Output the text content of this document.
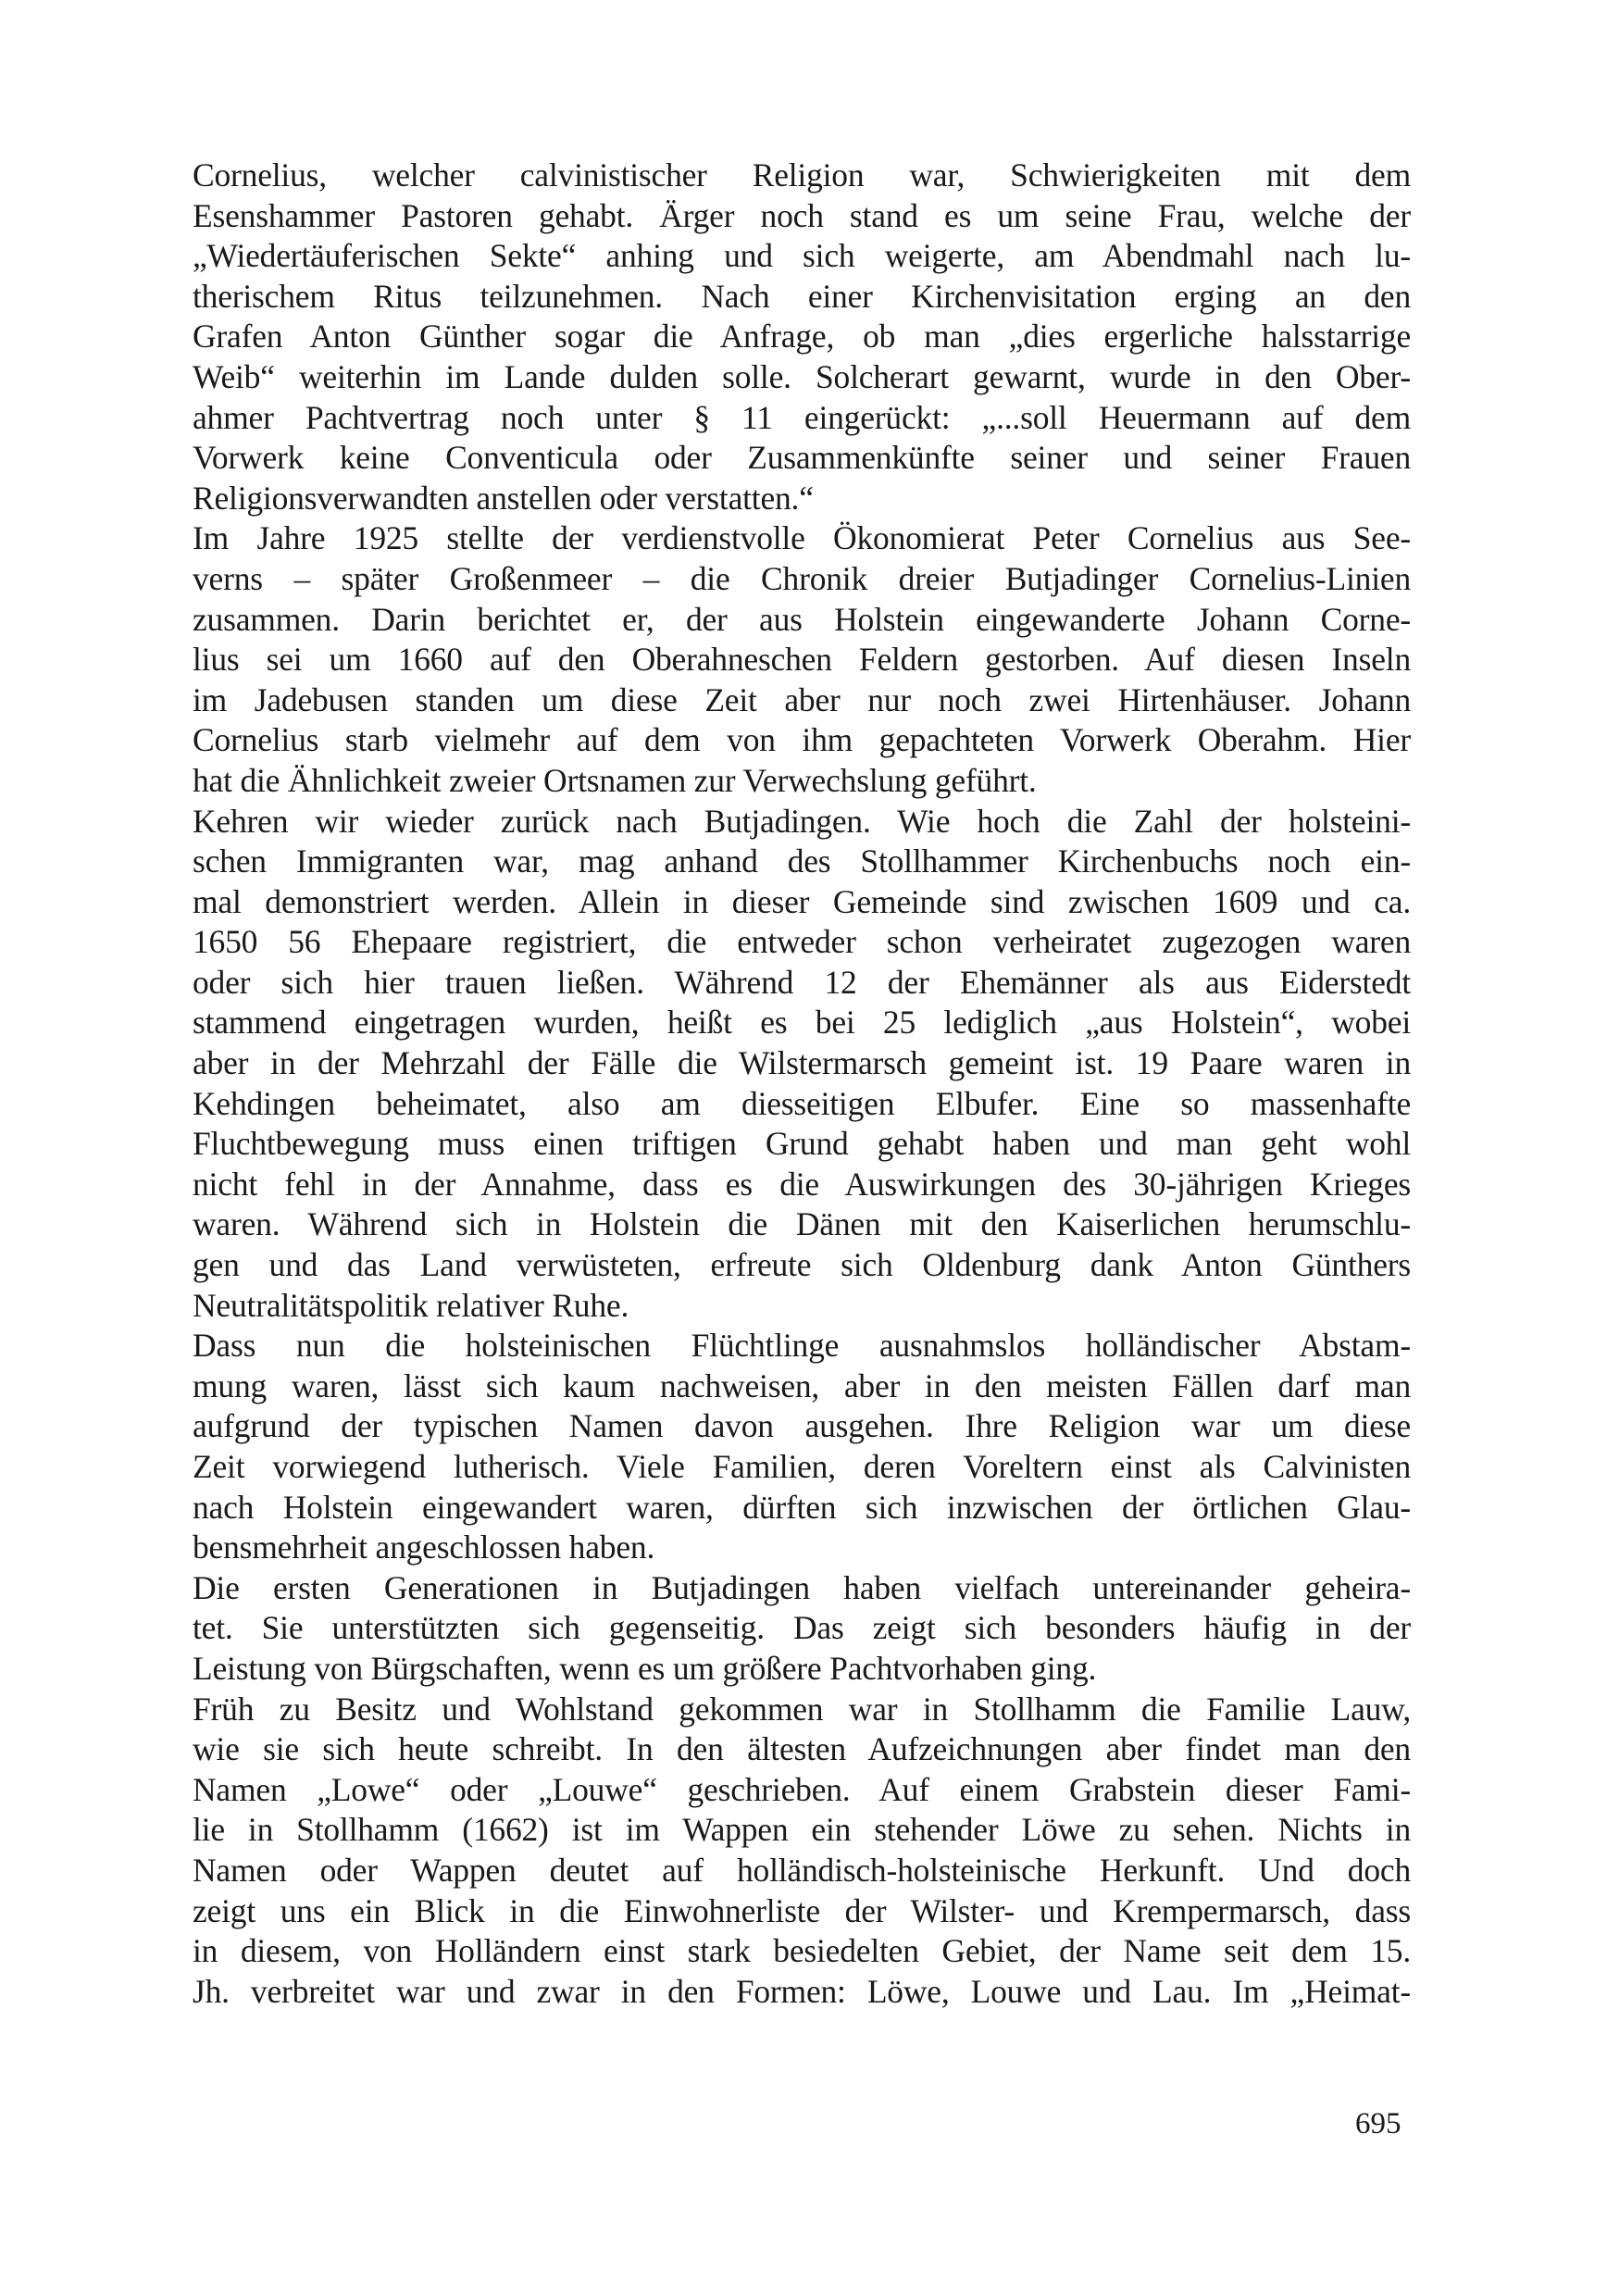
Cornelius, welcher calvinistischer Religion war, Schwierigkeiten mit dem
Esenshammer Pastoren gehabt. Ärger noch stand es um seine Frau, welche der
„Wiedertäuferischen Sekte“ anhing und sich weigerte, am Abendmahl nach lu-
therischem Ritus teilzunehmen. Nach einer Kirchenvisitation erging an den
Grafen Anton Günther sogar die Anfrage, ob man „dies ergerliche halsstarrige
Weib“ weiterhin im Lande dulden solle. Solcherart gewarnt, wurde in den Ober-
ahmer Pachtvertrag noch unter § 11 eingerückt: „...soll Heuermann auf dem
Vorwerk keine Conventicula oder Zusammenkünfte seiner und seiner Frauen
Religionsverwandten anstellen oder verstatten.“
Im Jahre 1925 stellte der verdienstvolle Ökonomierat Peter Cornelius aus See-
verns – später Großenmeer – die Chronik dreier Butjadinger Cornelius-Linien
zusammen. Darin berichtet er, der aus Holstein eingewanderte Johann Corne-
lius sei um 1660 auf den Oberahneschen Feldern gestorben. Auf diesen Inseln
im Jadebusen standen um diese Zeit aber nur noch zwei Hirtenhäuser. Johann
Cornelius starb vielmehr auf dem von ihm gepachteten Vorwerk Oberahm. Hier
hat die Ähnlichkeit zweier Ortsnamen zur Verwechslung geführt.
Kehren wir wieder zurück nach Butjadingen. Wie hoch die Zahl der holsteini-
schen Immigranten war, mag anhand des Stollhammer Kirchenbuchs noch ein-
mal demonstriert werden. Allein in dieser Gemeinde sind zwischen 1609 und ca.
1650 56 Ehepaare registriert, die entweder schon verheiratet zugezogen waren
oder sich hier trauen ließen. Während 12 der Ehemänner als aus Eiderstedt
stammend eingetragen wurden, heißt es bei 25 lediglich „aus Holstein“, wobei
aber in der Mehrzahl der Fälle die Wilstermarsch gemeint ist. 19 Paare waren in
Kehdingen beheimatet, also am diesseitigen Elbufer. Eine so massenhafte
Fluchtbewegung muss einen triftigen Grund gehabt haben und man geht wohl
nicht fehl in der Annahme, dass es die Auswirkungen des 30-jährigen Krieges
waren. Während sich in Holstein die Dänen mit den Kaiserlichen herumschlu-
gen und das Land verwüsteten, erfreute sich Oldenburg dank Anton Günthers
Neutralitätspolitik relativer Ruhe.
Dass nun die holsteinischen Flüchtlinge ausnahmslos holländischer Abstam-
mung waren, lässt sich kaum nachweisen, aber in den meisten Fällen darf man
aufgrund der typischen Namen davon ausgehen. Ihre Religion war um diese
Zeit vorwiegend lutherisch. Viele Familien, deren Voreltern einst als Calvinisten
nach Holstein eingewandert waren, dürften sich inzwischen der örtlichen Glau-
bensmehrheit angeschlossen haben.
Die ersten Generationen in Butjadingen haben vielfach untereinander geheira-
tet. Sie unterstützten sich gegenseitig. Das zeigt sich besonders häufig in der
Leistung von Bürgschaften, wenn es um größere Pachtvorhaben ging.
Früh zu Besitz und Wohlstand gekommen war in Stollhamm die Familie Lauw,
wie sie sich heute schreibt. In den ältesten Aufzeichnungen aber findet man den
Namen „Lowe“ oder „Louwe“ geschrieben. Auf einem Grabstein dieser Fami-
lie in Stollhamm (1662) ist im Wappen ein stehender Löwe zu sehen. Nichts in
Namen oder Wappen deutet auf holländisch-holsteinische Herkunft. Und doch
zeigt uns ein Blick in die Einwohnerliste der Wilster- und Krempermarsch, dass
in diesem, von Holländern einst stark besiedelten Gebiet, der Name seit dem 15.
Jh. verbreitet war und zwar in den Formen: Löwe, Louwe und Lau. Im „Heimat-
695
